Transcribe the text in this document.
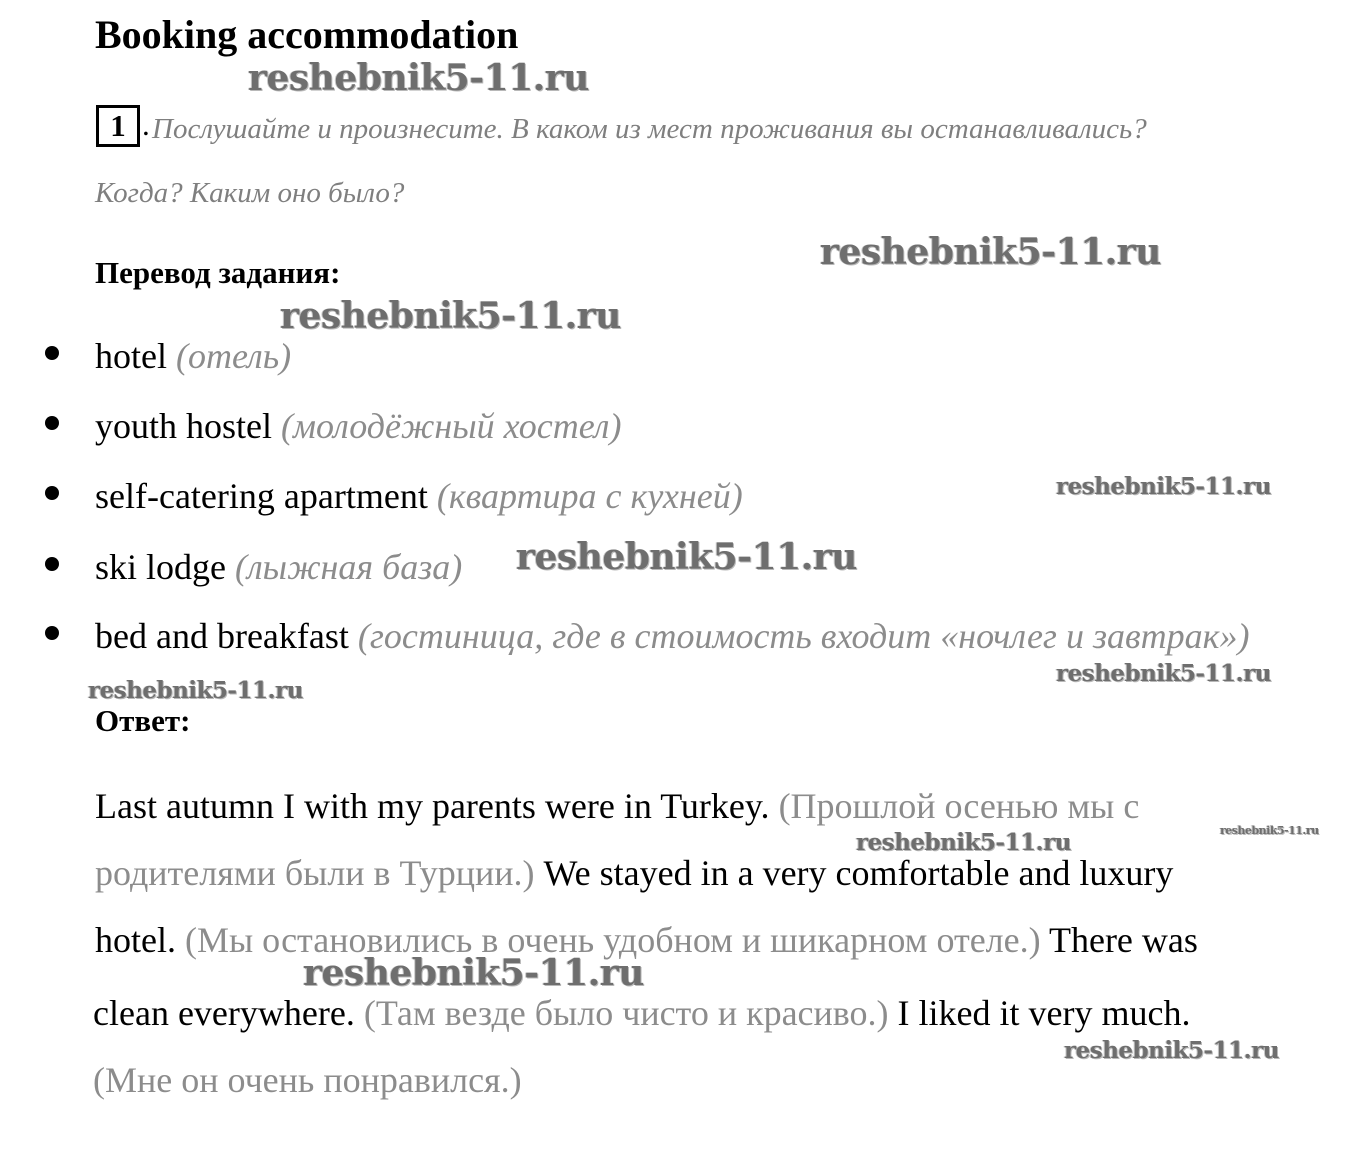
Booking accommodation
reshebnik5-11.ru
1 . Послушайте и произнесите. В каком из мест проживания вы останавливались?
Когда? Каким оно было?
reshebnik5-11.ru
Перевод задания:
reshebnik5-11.ru
hotel (отель)
youth hostel (молодёжный хостел)
self-catering apartment (квартира с кухней)
ski lodge (лыжная база)
bed and breakfast (гостиница, где в стоимость входит «ночлег и завтрак»)
reshebnik5-11.ru
reshebnik5-11.ru
reshebnik5-11.ru
reshebnik5-11.ru
Ответ:
Last autumn I with my parents were in Turkey. (Прошлой осенью мы с
родителями были в Турции.) We stayed in a very comfortable and luxury
hotel. (Мы остановились в очень удобном и шикарном отеле.) There was
clean everywhere. (Там везде было чисто и красиво.) I liked it very much.
(Мне он очень понравился.)
reshebnik5-11.ru	reshebnik5-11.ru
reshebnik5-11.ru
reshebnik5-11.ru
